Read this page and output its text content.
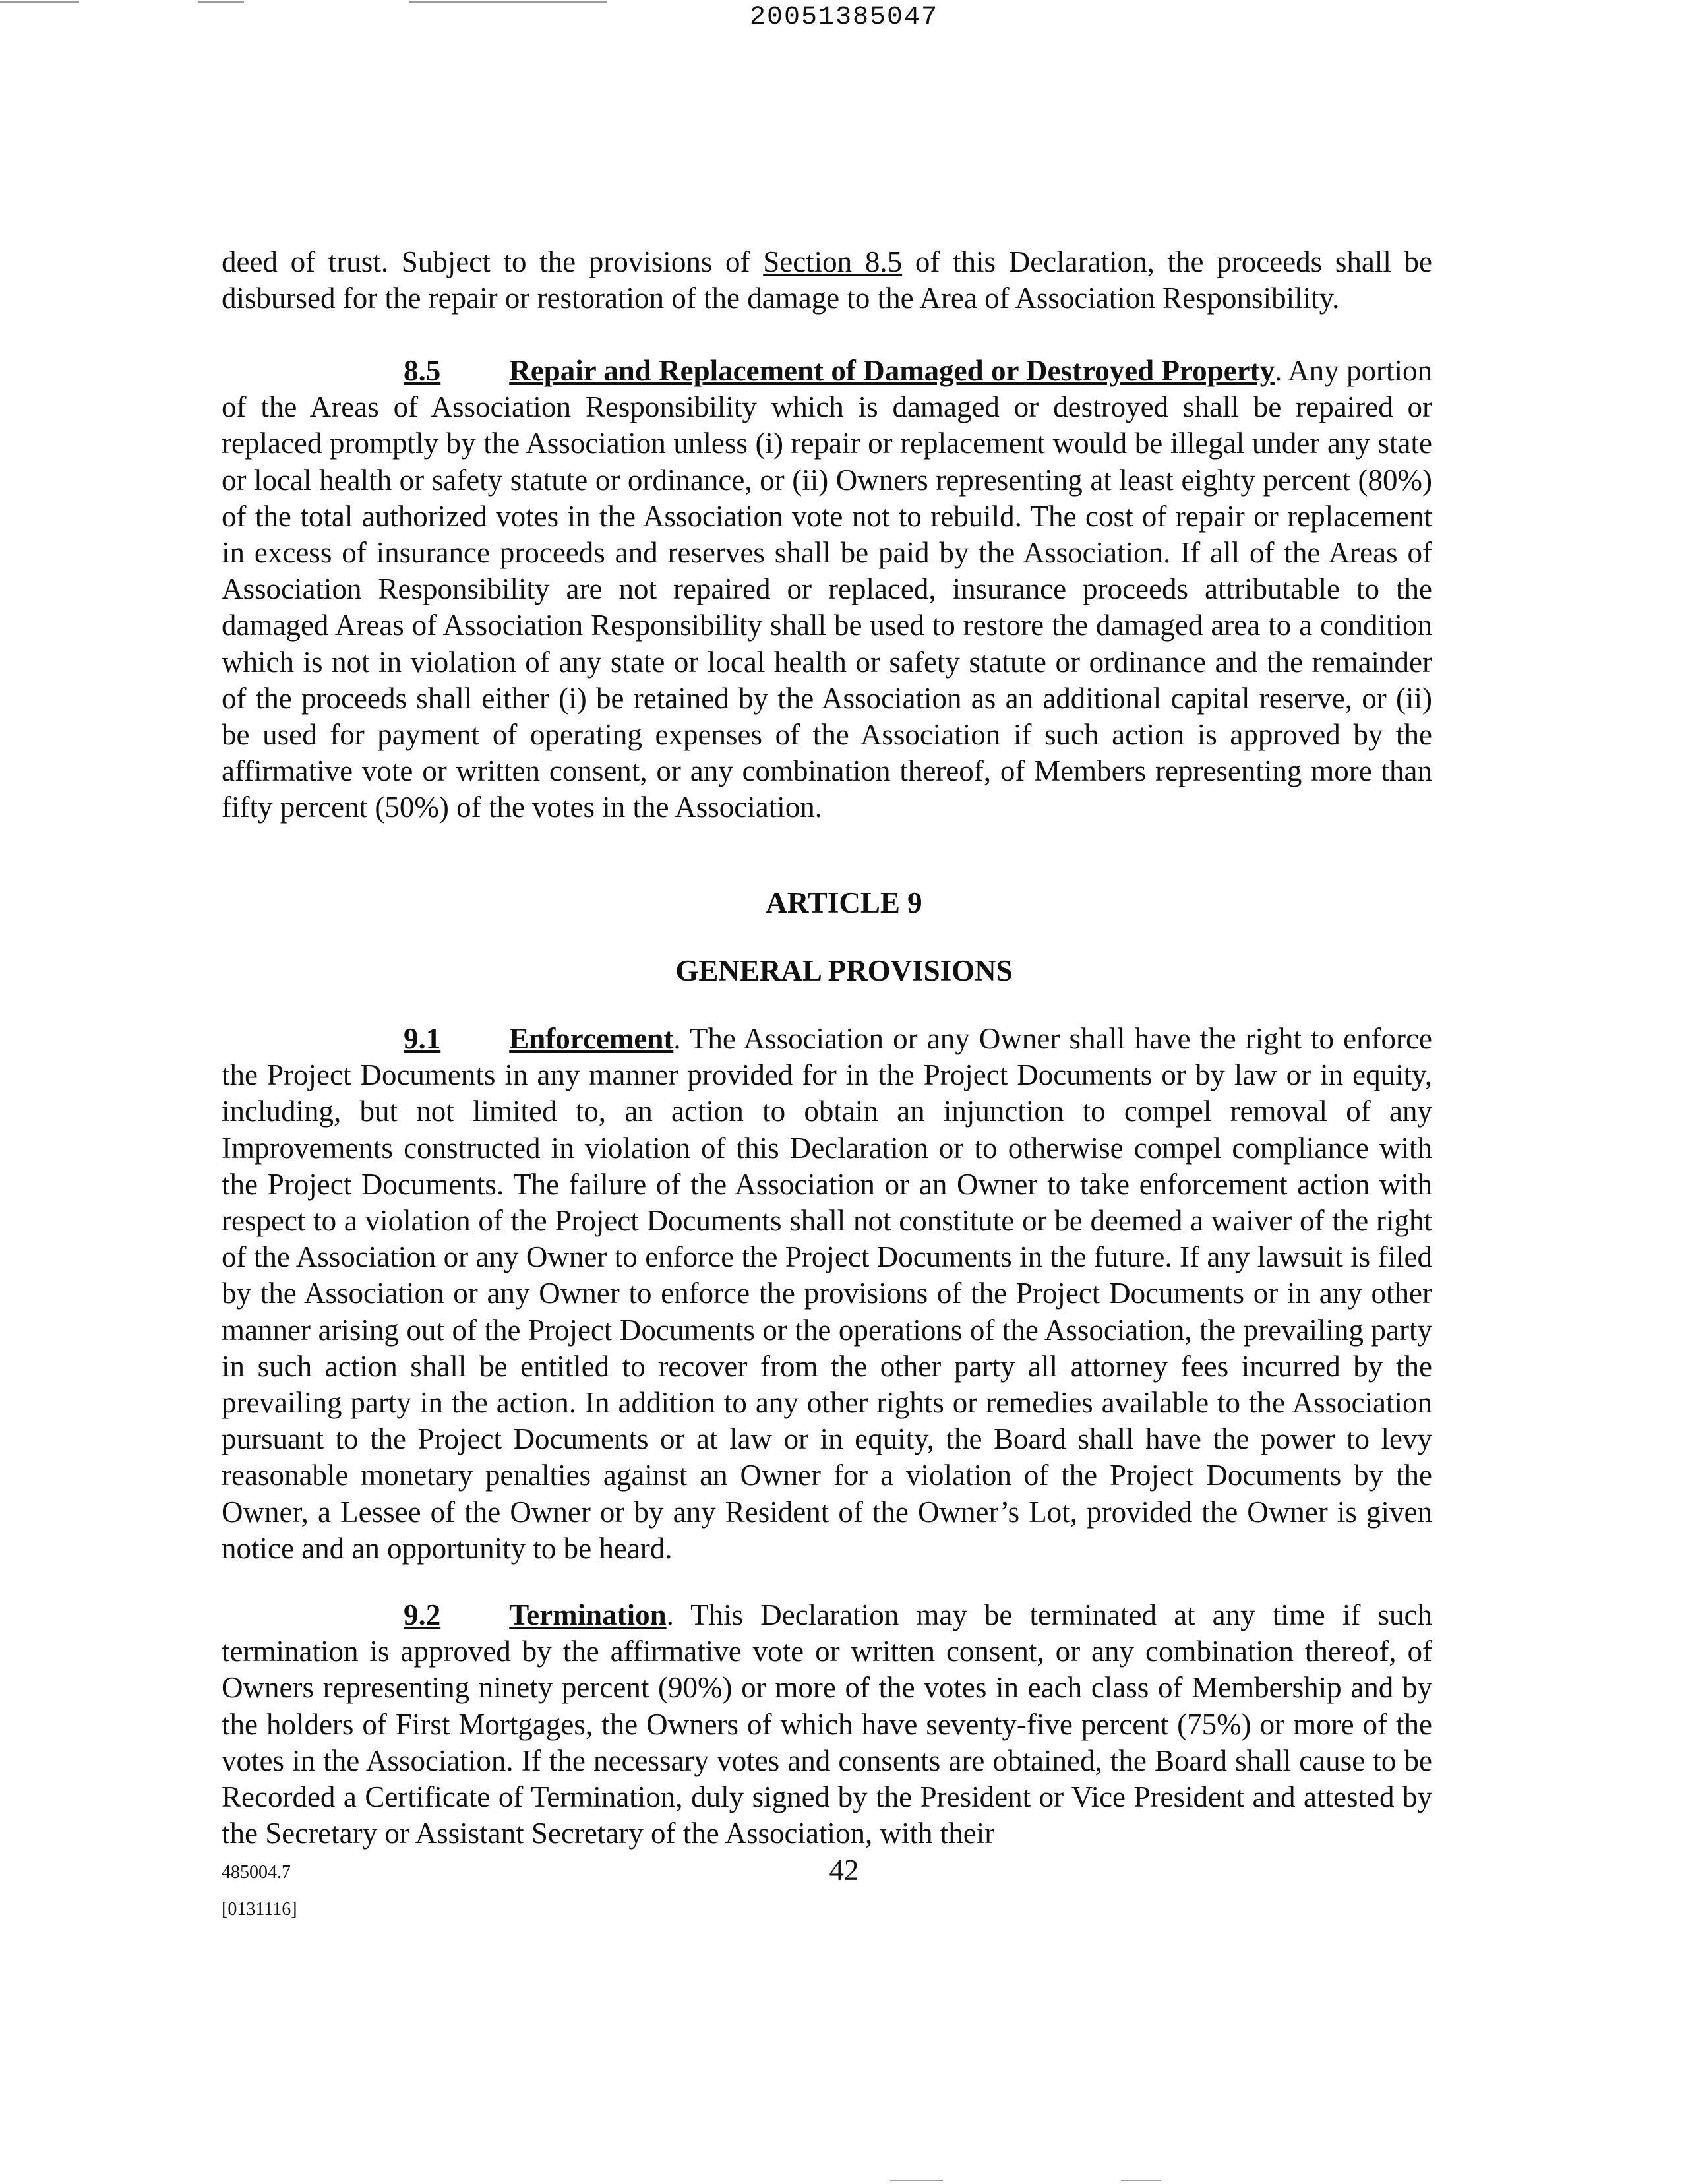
20051385047

deed of trust. Subject to the provisions of Section 8.5 of this Declaration, the proceeds shall be disbursed for the repair or restoration of the damage to the Area of Association Responsibility.

8.5 Repair and Replacement of Damaged or Destroyed Property. Any portion of the Areas of Association Responsibility which is damaged or destroyed shall be repaired or replaced promptly by the Association unless (i) repair or replacement would be illegal under any state or local health or safety statute or ordinance, or (ii) Owners representing at least eighty percent (80%) of the total authorized votes in the Association vote not to rebuild. The cost of repair or replacement in excess of insurance proceeds and reserves shall be paid by the Association. If all of the Areas of Association Responsibility are not repaired or replaced, insurance proceeds attributable to the damaged Areas of Association Responsibility shall be used to restore the damaged area to a condition which is not in violation of any state or local health or safety statute or ordinance and the remainder of the proceeds shall either (i) be retained by the Association as an additional capital reserve, or (ii) be used for payment of operating expenses of the Association if such action is approved by the affirmative vote or written consent, or any combination thereof, of Members representing more than fifty percent (50%) of the votes in the Association.

ARTICLE 9
GENERAL PROVISIONS

9.1 Enforcement. The Association or any Owner shall have the right to enforce the Project Documents in any manner provided for in the Project Documents or by law or in equity, including, but not limited to, an action to obtain an injunction to compel removal of any Improvements constructed in violation of this Declaration or to otherwise compel compliance with the Project Documents. The failure of the Association or an Owner to take enforcement action with respect to a violation of the Project Documents shall not constitute or be deemed a waiver of the right of the Association or any Owner to enforce the Project Documents in the future. If any lawsuit is filed by the Association or any Owner to enforce the provisions of the Project Documents or in any other manner arising out of the Project Documents or the operations of the Association, the prevailing party in such action shall be entitled to recover from the other party all attorney fees incurred by the prevailing party in the action. In addition to any other rights or remedies available to the Association pursuant to the Project Documents or at law or in equity, the Board shall have the power to levy reasonable monetary penalties against an Owner for a violation of the Project Documents by the Owner, a Lessee of the Owner or by any Resident of the Owner’s Lot, provided the Owner is given notice and an opportunity to be heard.

9.2 Termination. This Declaration may be terminated at any time if such termination is approved by the affirmative vote or written consent, or any combination thereof, of Owners representing ninety percent (90%) or more of the votes in each class of Membership and by the holders of First Mortgages, the Owners of which have seventy-five percent (75%) or more of the votes in the Association. If the necessary votes and consents are obtained, the Board shall cause to be Recorded a Certificate of Termination, duly signed by the President or Vice President and attested by the Secretary or Assistant Secretary of the Association, with their

485004.7	42
[0131116]
